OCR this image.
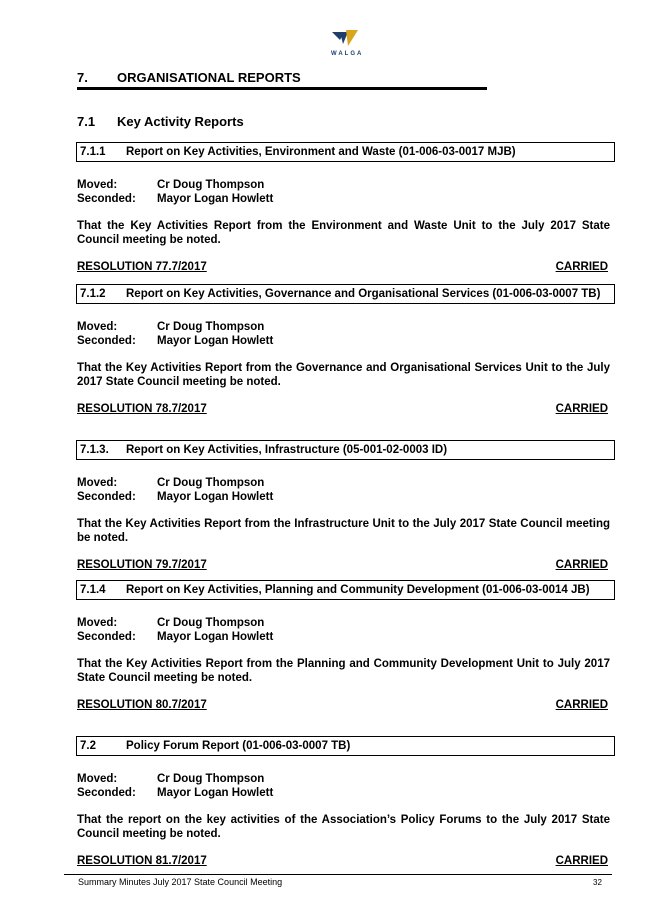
WALGA
7. ORGANISATIONAL REPORTS
7.1 Key Activity Reports
7.1.1	Report on Key Activities, Environment and Waste (01-006-03-0017 MJB)
Moved:	Cr Doug Thompson
Seconded:	Mayor Logan Howlett
That the Key Activities Report from the Environment and Waste Unit to the July 2017 State Council meeting be noted.
RESOLUTION 77.7/2017	CARRIED
7.1.2	Report on Key Activities, Governance and Organisational Services (01-006-03-0007 TB)
Moved:	Cr Doug Thompson
Seconded:	Mayor Logan Howlett
That the Key Activities Report from the Governance and Organisational Services Unit to the July 2017 State Council meeting be noted.
RESOLUTION 78.7/2017	CARRIED
7.1.3.	Report on Key Activities, Infrastructure (05-001-02-0003 ID)
Moved:	Cr Doug Thompson
Seconded:	Mayor Logan Howlett
That the Key Activities Report from the Infrastructure Unit to the July 2017 State Council meeting be noted.
RESOLUTION 79.7/2017	CARRIED
7.1.4	Report on Key Activities, Planning and Community Development (01-006-03-0014 JB)
Moved:	Cr Doug Thompson
Seconded:	Mayor Logan Howlett
That the Key Activities Report from the Planning and Community Development Unit to July 2017 State Council meeting be noted.
RESOLUTION 80.7/2017	CARRIED
7.2	Policy Forum Report (01-006-03-0007 TB)
Moved:	Cr Doug Thompson
Seconded:	Mayor Logan Howlett
That the report on the key activities of the Association’s Policy Forums to the July 2017 State Council meeting be noted.
RESOLUTION 81.7/2017	CARRIED
Summary Minutes July 2017 State Council Meeting	32
